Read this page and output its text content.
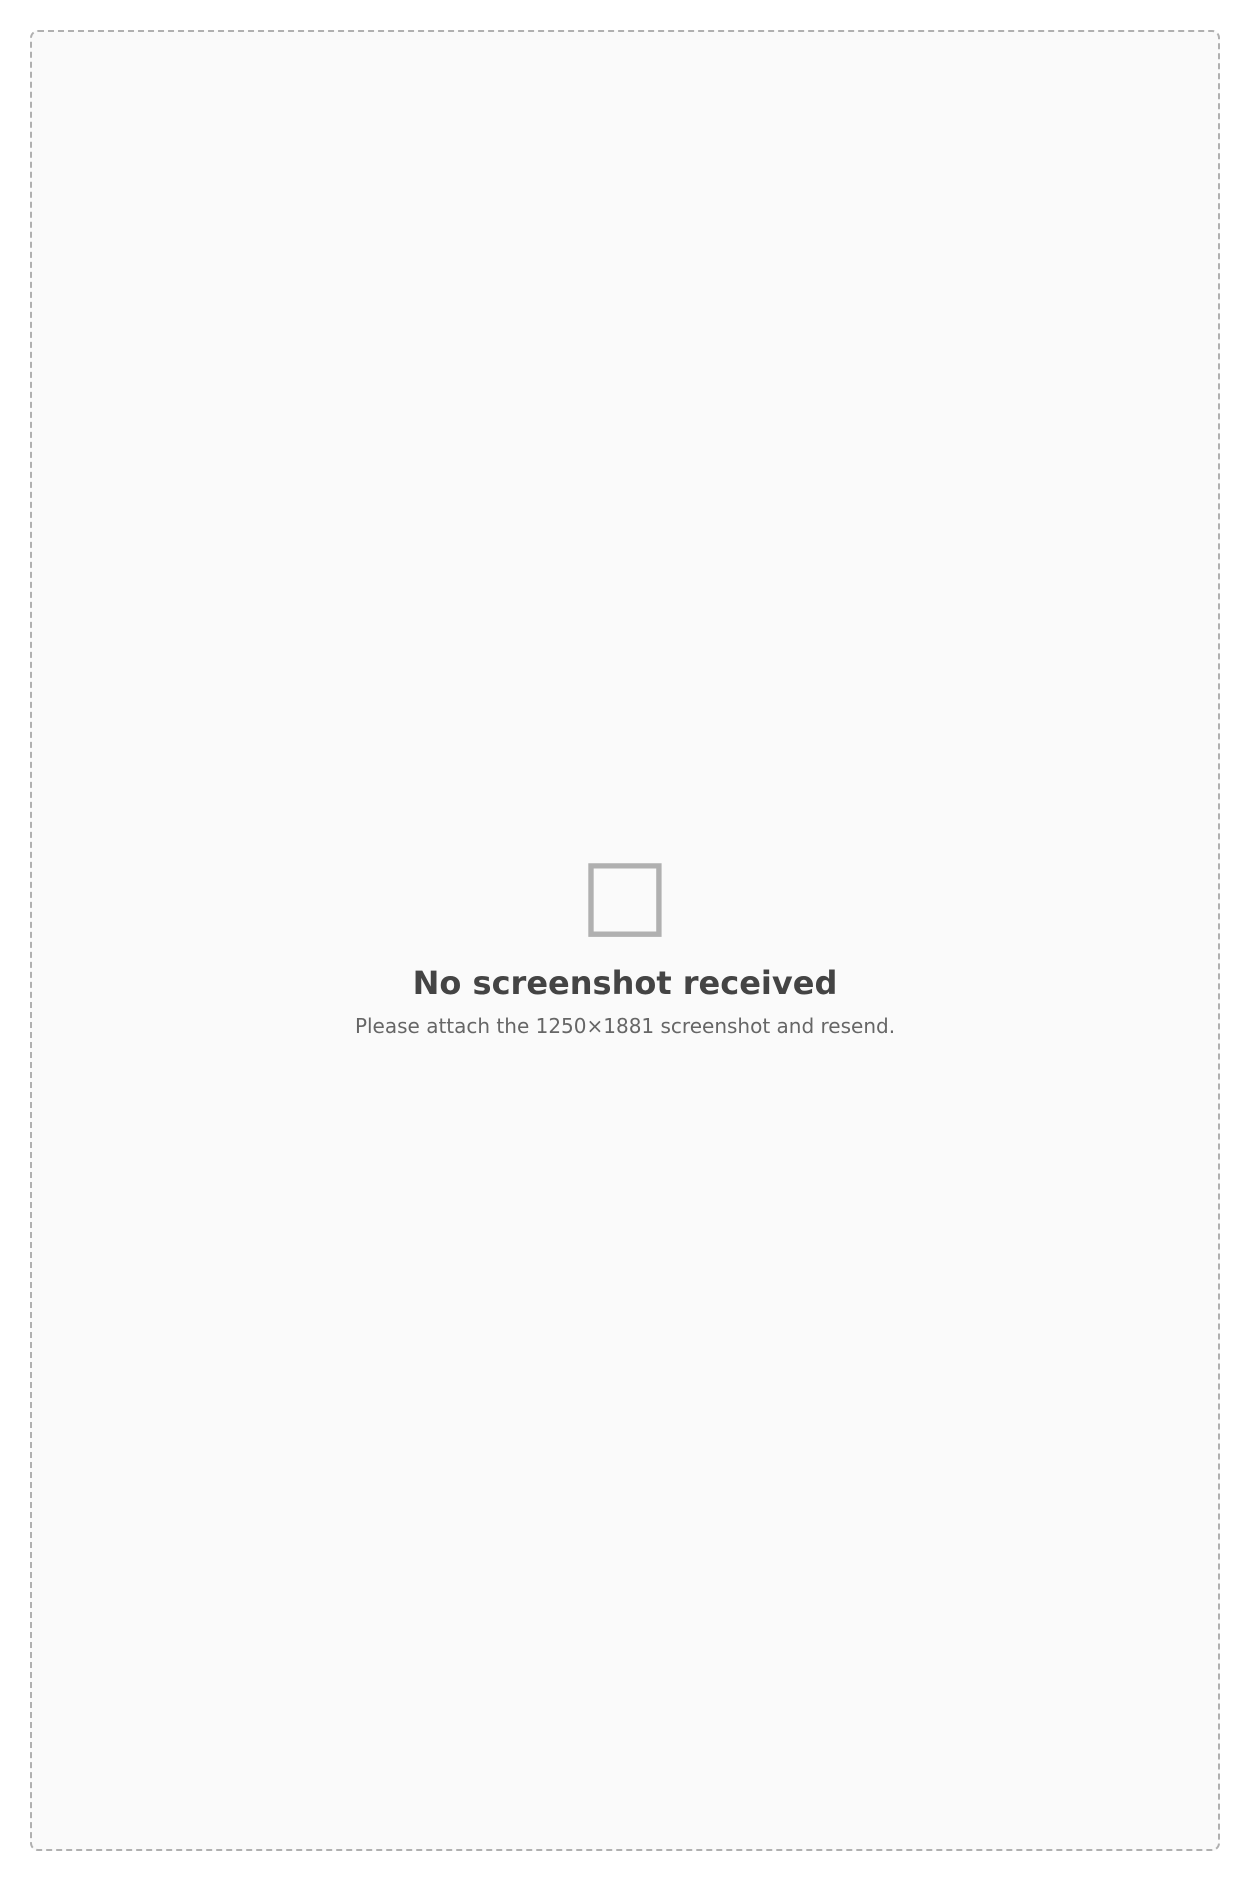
□
No screenshot received
Please attach the 1250×1881 screenshot and resend.
